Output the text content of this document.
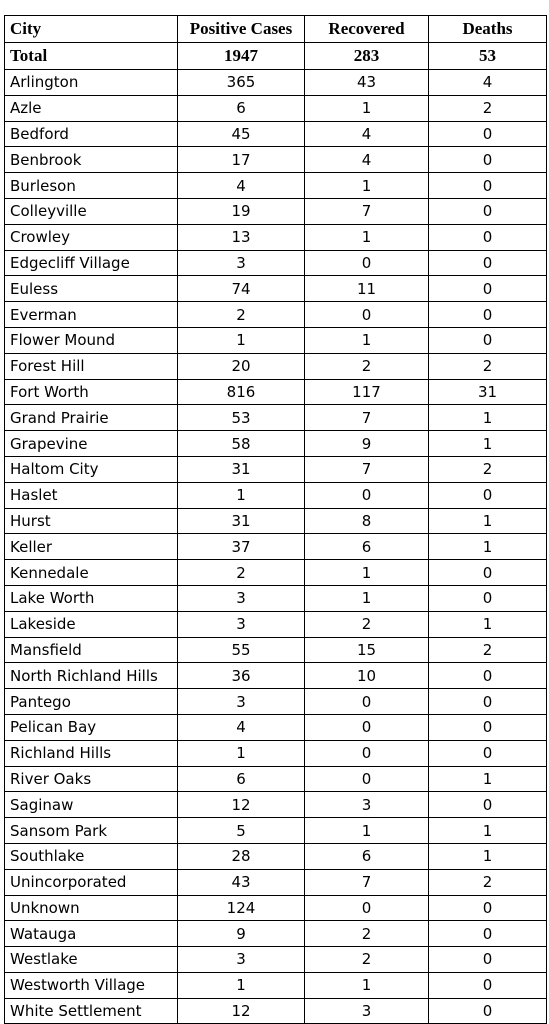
City	Positive Cases	Recovered	Deaths
Total	1947	283	53
Arlington	365	43	4
Azle	6	1	2
Bedford	45	4	0
Benbrook	17	4	0
Burleson	4	1	0
Colleyville	19	7	0
Crowley	13	1	0
Edgecliff Village	3	0	0
Euless	74	11	0
Everman	2	0	0
Flower Mound	1	1	0
Forest Hill	20	2	2
Fort Worth	816	117	31
Grand Prairie	53	7	1
Grapevine	58	9	1
Haltom City	31	7	2
Haslet	1	0	0
Hurst	31	8	1
Keller	37	6	1
Kennedale	2	1	0
Lake Worth	3	1	0
Lakeside	3	2	1
Mansfield	55	15	2
North Richland Hills	36	10	0
Pantego	3	0	0
Pelican Bay	4	0	0
Richland Hills	1	0	0
River Oaks	6	0	1
Saginaw	12	3	0
Sansom Park	5	1	1
Southlake	28	6	1
Unincorporated	43	7	2
Unknown	124	0	0
Watauga	9	2	0
Westlake	3	2	0
Westworth Village	1	1	0
White Settlement	12	3	0
